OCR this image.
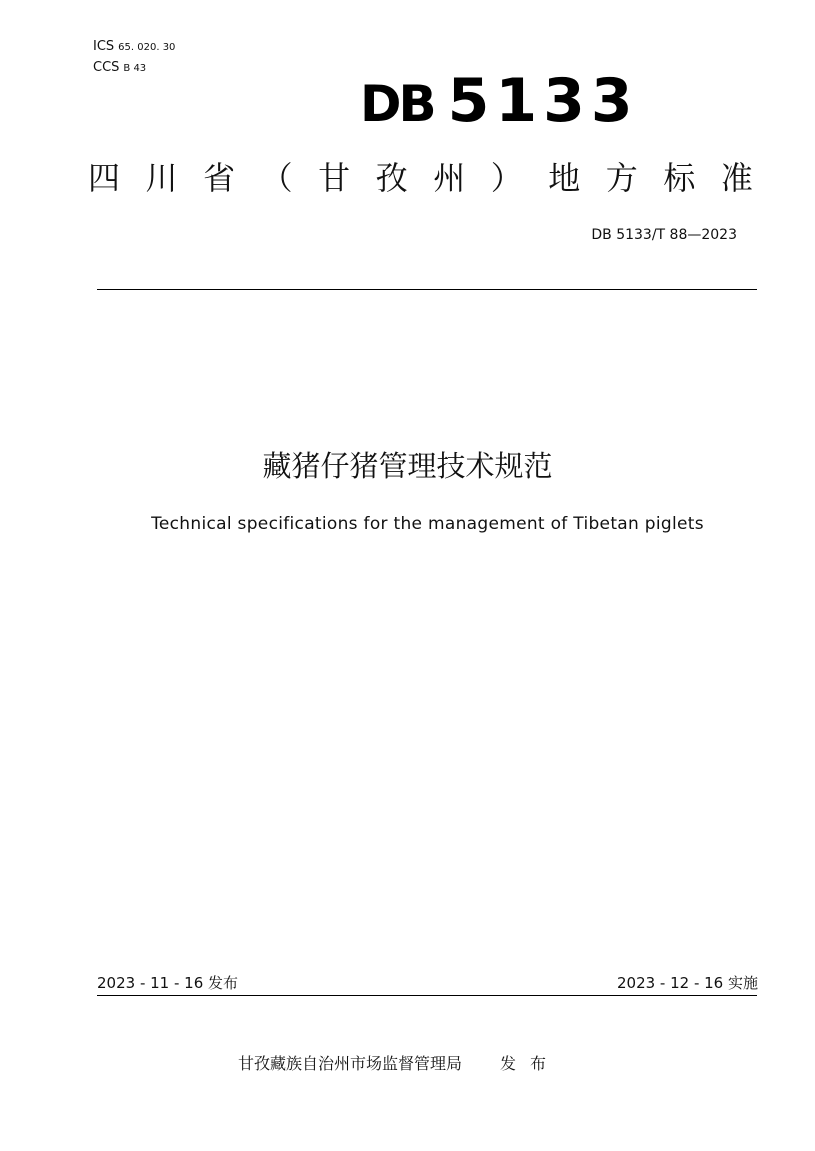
ICS 65. 020. 30
CCS B 43
DB 5133
四 川 省 （ 甘 孜 州 ） 地 方 标 准
DB 5133/T 88—2023
藏猪仔猪管理技术规范
Technical specifications for the management of Tibetan piglets
2023 - 11 - 16 发布	2023 - 12 - 16 实施
甘孜藏族自治州市场监督管理局 发布
